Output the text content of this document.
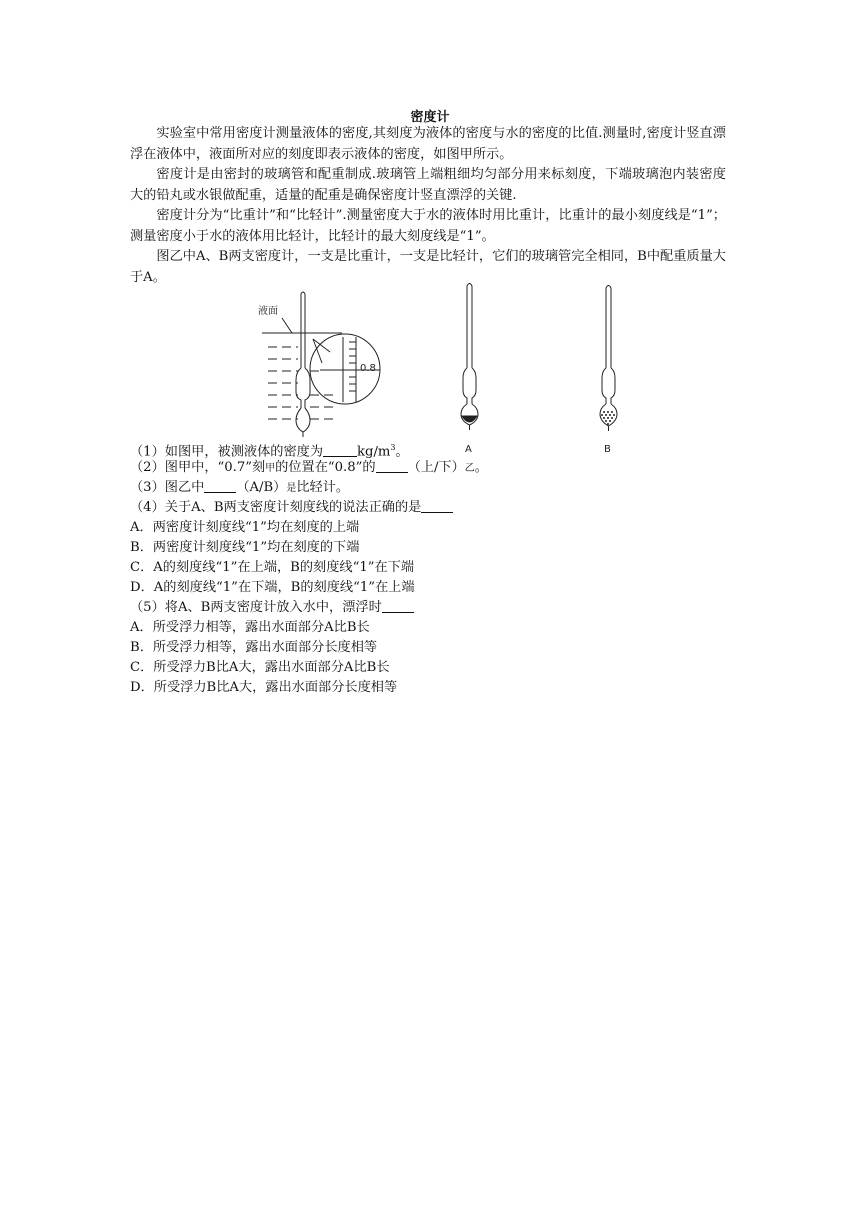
密度计

实验室中常用密度计测量液体的密度,其刻度为液体的密度与水的密度的比值.测量时,密度计竖直漂浮在液体中，液面所对应的刻度即表示液体的密度，如图甲所示。

密度计是由密封的玻璃管和配重制成.玻璃管上端粗细均匀部分用来标刻度，下端玻璃泡内装密度大的铅丸或水银做配重，适量的配重是确保密度计竖直漂浮的关键.

密度计分为“比重计”和“比轻计”.测量密度大于水的液体时用比重计，比重计的最小刻度线是“1”；测量密度小于水的液体用比轻计，比轻计的最大刻度线是“1”。

图乙中A、B两支密度计，一支是比重计，一支是比轻计，它们的玻璃管完全相同，B中配重质量大于A。

液面
0.8
A	B
（1）如图甲，被测液体的密度为	$kg/m^3$。
（2）图甲中，“0.7”刻甲的位置在“0.8”的 （上/下）乙。
（3）图乙中 （A/B）是比轻计。
（4）关于A、B两支密度计刻度线的说法正确的是
A．两密度计刻度线“1”均在刻度的上端
B．两密度计刻度线“1”均在刻度的下端
C．A的刻度线“1”在上端，B的刻度线“1”在下端
D．A的刻度线“1”在下端，B的刻度线“1”在上端
（5）将A、B两支密度计放入水中，漂浮时
A．所受浮力相等，露出水面部分A比B长
B．所受浮力相等，露出水面部分长度相等
C．所受浮力B比A大，露出水面部分A比B长
D．所受浮力B比A大，露出水面部分长度相等
